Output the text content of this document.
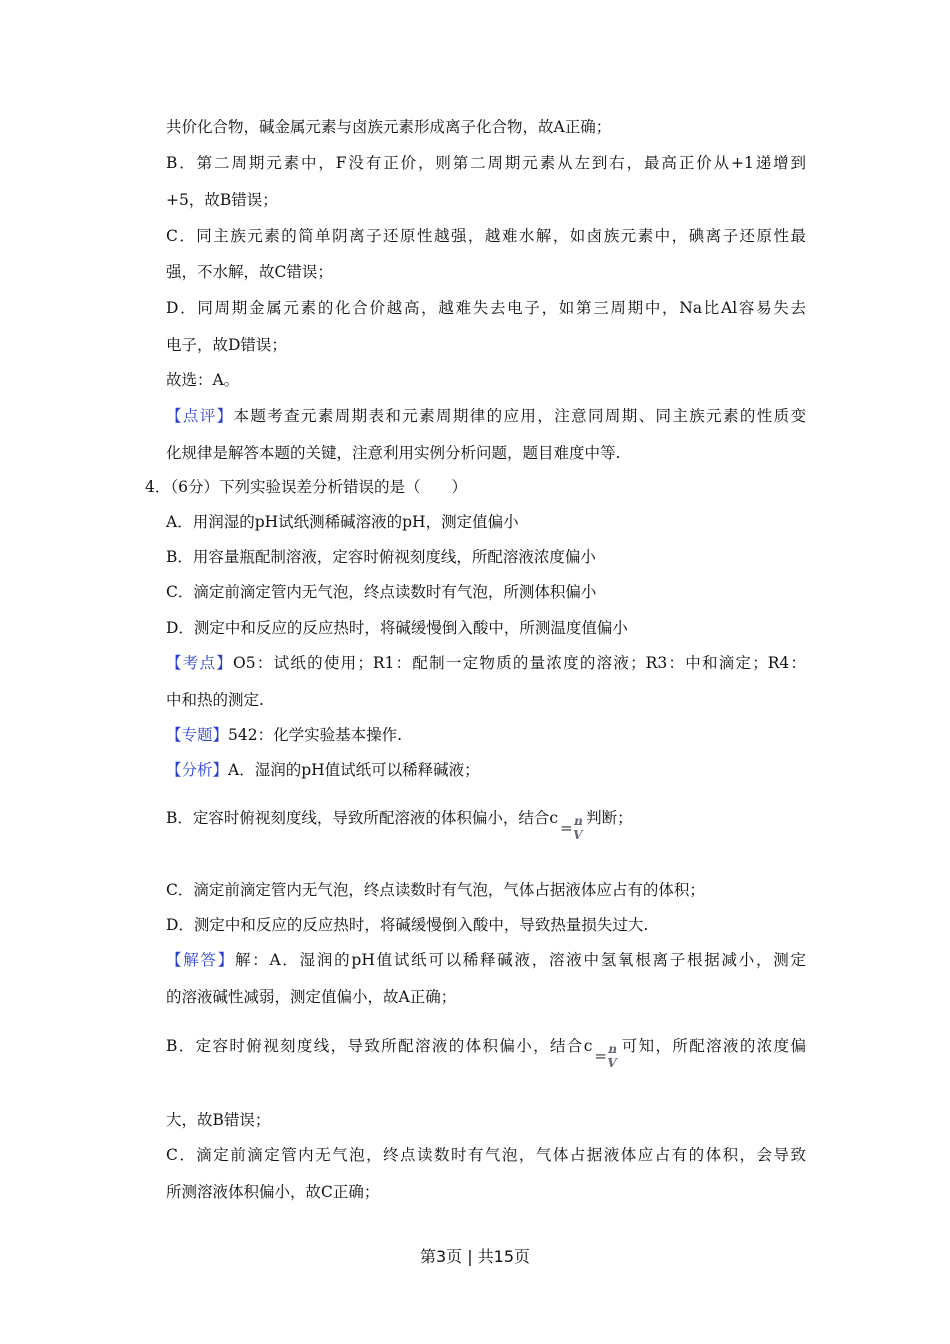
共价化合物，碱金属元素与卤族元素形成离子化合物，故A正确；
B．第二周期元素中，F没有正价，则第二周期元素从左到右，最高正价从+1递增到
+5，故B错误；
C．同主族元素的简单阴离子还原性越强，越难水解，如卤族元素中，碘离子还原性最
强，不水解，故C错误；
D．同周期金属元素的化合价越高，越难失去电子，如第三周期中，Na比Al容易失去
电子，故D错误；
故选：A。
【点评】本题考查元素周期表和元素周期律的应用，注意同周期、同主族元素的性质变
化规律是解答本题的关键，注意利用实例分析问题，题目难度中等.
4．（6分）下列实验误差分析错误的是（　　）
A．用润湿的pH试纸测稀碱溶液的pH，测定值偏小
B．用容量瓶配制溶液，定容时俯视刻度线，所配溶液浓度偏小
C．滴定前滴定管内无气泡，终点读数时有气泡，所测体积偏小
D．测定中和反应的反应热时，将碱缓慢倒入酸中，所测温度值偏小
【考点】O5：试纸的使用；R1：配制一定物质的量浓度的溶液；R3：中和滴定；R4：
中和热的测定.
【专题】542：化学实验基本操作.
【分析】A．湿润的pH值试纸可以稀释碱液；
B．定容时俯视刻度线，导致所配溶液的体积偏小，结合c
= n
V
判断；
C．滴定前滴定管内无气泡，终点读数时有气泡，气体占据液体应占有的体积；
D．测定中和反应的反应热时，将碱缓慢倒入酸中，导致热量损失过大.
【解答】解：A．湿润的pH值试纸可以稀释碱液，溶液中氢氧根离子根据减小，测定
的溶液碱性减弱，测定值偏小，故A正确；
B．定容时俯视刻度线，导致所配溶液的体积偏小，结合c
= n
V
可知，所配溶液的浓度偏
大，故B错误；
C．滴定前滴定管内无气泡，终点读数时有气泡，气体占据液体应占有的体积，会导致
所测溶液体积偏小，故C正确；
第3页 | 共15页
